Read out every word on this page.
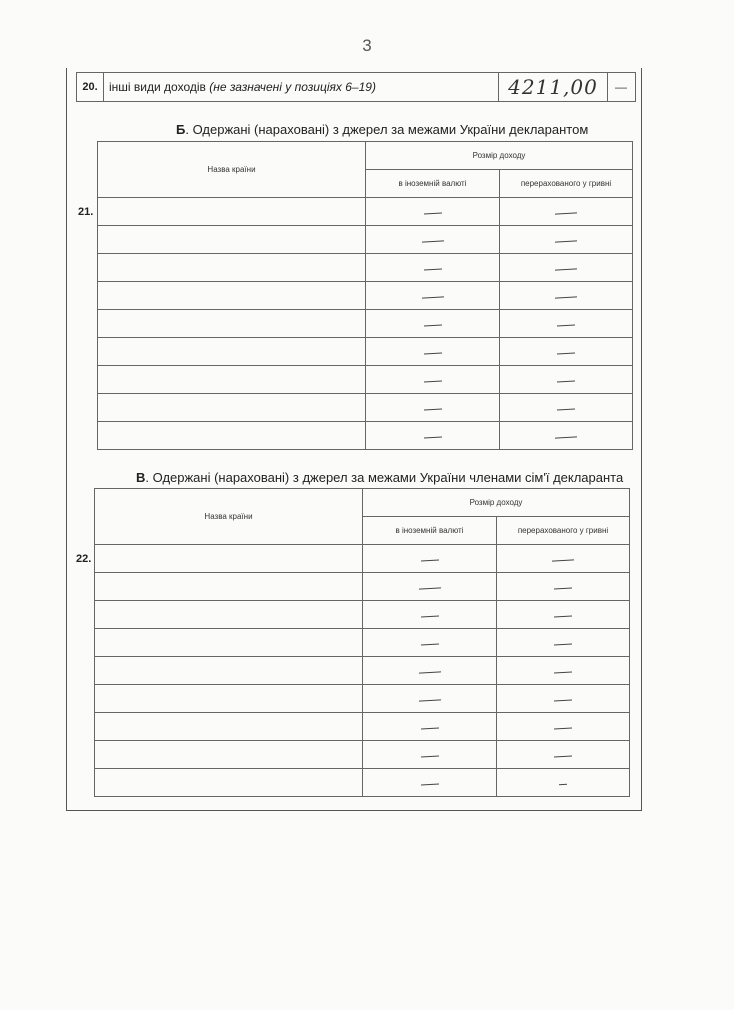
3
20. інші види доходів
(не зазначені у позиціях 6–19)	4211,00	—
Б. Одержані (нараховані) з джерел за межами України декларантом
21.
Назва країни	Розмір доходу	
	в іноземній валюті	перерахованого у гривні

В. Одержані (нараховані) з джерел за межами України членами сім'ї декларанта
22.
Назва країни	Розмір доходу	
	в іноземній валюті	перерахованого у гривні
